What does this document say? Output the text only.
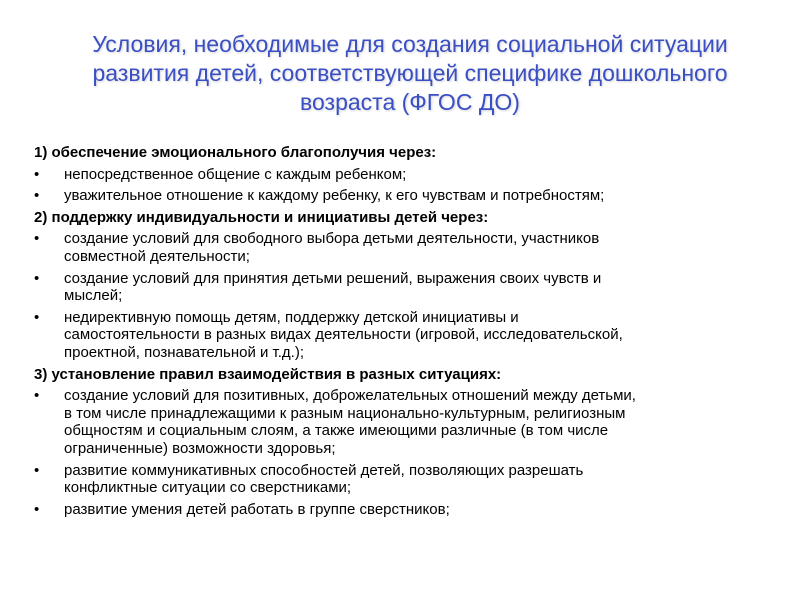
Условия, необходимые для создания социальной ситуации
развития детей, соответствующей специфике дошкольного
возраста (ФГОС ДО)
1) обеспечение эмоционального благополучия через:
• непосредственное общение с каждым ребенком;
• уважительное отношение к каждому ребенку, к его чувствам и потребностям;
2) поддержку индивидуальности и инициативы детей через:
• создание условий для свободного выбора детьми деятельности, участников
совместной деятельности;
• создание условий для принятия детьми решений, выражения своих чувств и
мыслей;
• недирективную помощь детям, поддержку детской инициативы и
самостоятельности в разных видах деятельности (игровой, исследовательской,
проектной, познавательной и т.д.);
3) установление правил взаимодействия в разных ситуациях:
• создание условий для позитивных, доброжелательных отношений между детьми,
в том числе принадлежащими к разным национально-культурным, религиозным
общностям и социальным слоям, а также имеющими различные (в том числе
ограниченные) возможности здоровья;
• развитие коммуникативных способностей детей, позволяющих разрешать
конфликтные ситуации со сверстниками;
• развитие умения детей работать в группе сверстников;
